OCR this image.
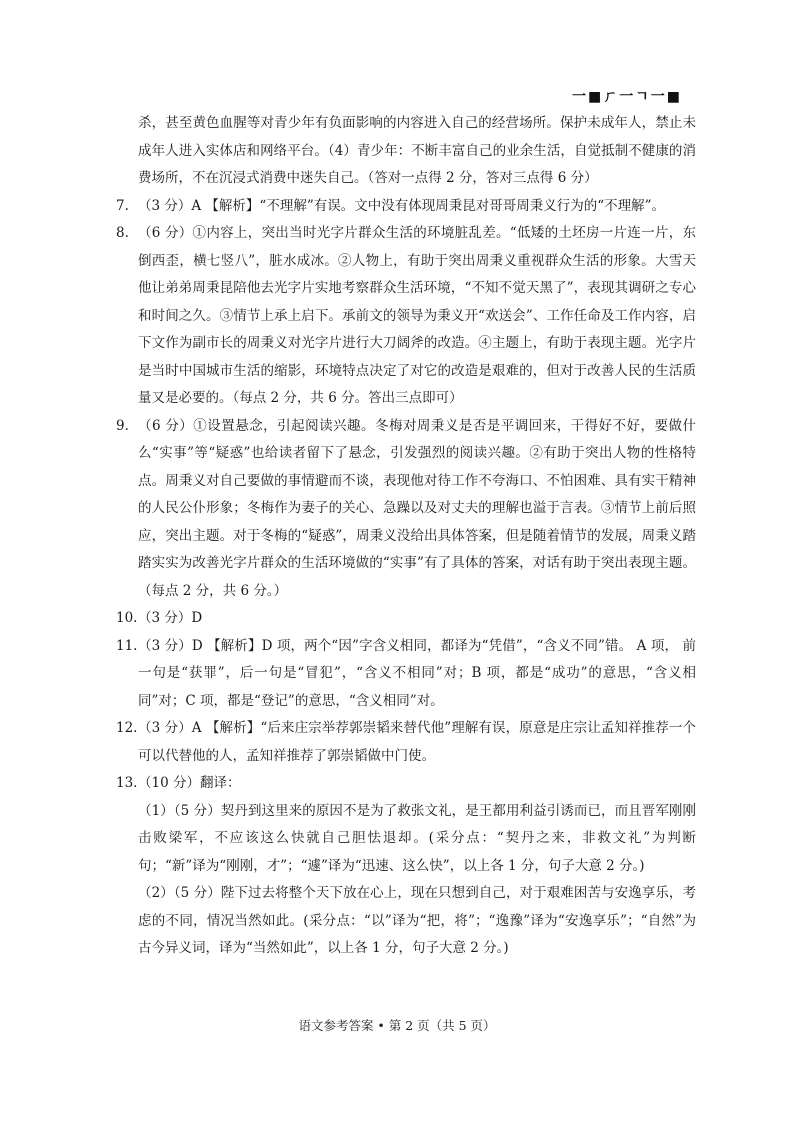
一■ㄏ一ㄱ一■

杀，甚至黄色血腥等对青少年有负面影响的内容进入自己的经营场所。保护未成年人，禁止未成年人进入实体店和网络平台。（4）青少年：不断丰富自己的业余生活，自觉抵制不健康的消费场所，不在沉浸式消费中迷失自己。（答对一点得 2 分，答对三点得 6 分）

7. （3 分）A 【解析】“不理解”有误。文中没有体现周秉昆对哥哥周秉义行为的“不理解”。
8. （6 分）①内容上，突出当时光字片群众生活的环境脏乱差。“低矮的土坯房一片连一片，东倒西歪，横七竖八”，脏水成冰。②人物上，有助于突出周秉义重视群众生活的形象。大雪天他让弟弟周秉昆陪他去光字片实地考察群众生活环境，“不知不觉天黑了”，表现其调研之专心和时间之久。③情节上承上启下。承前文的领导为秉义开“欢送会”、工作任命及工作内容，启下文作为副市长的周秉义对光字片进行大刀阔斧的改造。④主题上，有助于表现主题。光字片是当时中国城市生活的缩影，环境特点决定了对它的改造是艰难的，但对于改善人民的生活质量又是必要的。（每点 2 分，共 6 分。答出三点即可）
9. （6 分）①设置悬念，引起阅读兴趣。冬梅对周秉义是否是平调回来，干得好不好，要做什么“实事”等“疑惑”也给读者留下了悬念，引发强烈的阅读兴趣。②有助于突出人物的性格特点。周秉义对自己要做的事情避而不谈，表现他对待工作不夸海口、不怕困难、具有实干精神的人民公仆形象；冬梅作为妻子的关心、急躁以及对丈夫的理解也溢于言表。③情节上前后照应，突出主题。对于冬梅的“疑惑”，周秉义没给出具体答案，但是随着情节的发展，周秉义踏踏实实为改善光字片群众的生活环境做的“实事”有了具体的答案，对话有助于突出表现主题。（每点 2 分，共 6 分。）
10. （3 分）D
11. （3 分）D 【解析】D 项，两个“因”字含义相同，都译为“凭借”，“含义不同”错。 A 项， 前一句是“获罪”，后一句是“冒犯”，“含义不相同”对；B 项，都是“成功”的意思，“含义相同”对；C 项，都是“登记”的意思，“含义相同”对。
12. （3 分）A 【解析】“后来庄宗举荐郭崇韬来替代他”理解有误，原意是庄宗让孟知祥推荐一个可以代替他的人，孟知祥推荐了郭崇韬做中门使。
13. （10 分）翻译：

（1）（5 分）契丹到这里来的原因不是为了救张文礼，是王都用利益引诱而已，而且晋军刚刚击败梁军，不应该这么快就自己胆怯退却。(采分点：“契丹之来，非救文礼”为判断句；“新”译为“刚刚，才”；“遽”译为“迅速、这么快”，以上各 1 分，句子大意 2 分。)

（2）（5 分）陛下过去将整个天下放在心上，现在只想到自己，对于艰难困苦与安逸享乐，考虑的不同，情况当然如此。(采分点：“以”译为“把，将”；“逸豫”译为“安逸享乐”；“自然”为古今异义词，译为“当然如此”，以上各 1 分，句子大意 2 分。)

语文参考答案 • 第 2 页（共 5 页）
